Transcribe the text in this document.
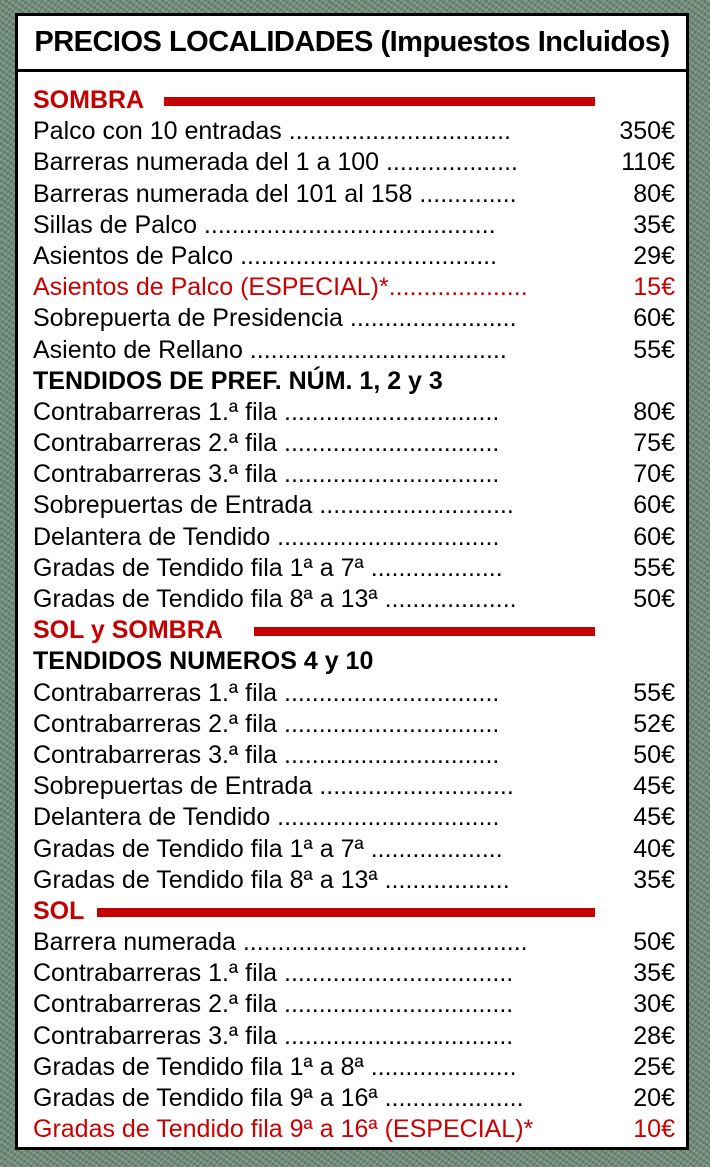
PRECIOS LOCALIDADES (Impuestos Incluidos)
SOMBRA
Palco con 10 entradas ................................	350€
Barreras numerada del 1 a 100 ...................	110€
Barreras numerada del 101 al 158 ..............	80€
Sillas de Palco ..........................................	35€
Asientos de Palco .....................................	29€
Asientos de Palco (ESPECIAL)*....................	15€
Sobrepuerta de Presidencia ........................	60€
Asiento de Rellano .....................................	55€
TENDIDOS DE PREF. NÚM. 1, 2 y 3
Contrabarreras 1.ª fila ...............................	80€
Contrabarreras 2.ª fila ...............................	75€
Contrabarreras 3.ª fila ...............................	70€
Sobrepuertas de Entrada ............................	60€
Delantera de Tendido ................................	60€
Gradas de Tendido fila 1ª a 7ª ...................	55€
Gradas de Tendido fila 8ª a 13ª ...................	50€
SOL y SOMBRA
TENDIDOS NUMEROS 4 y 10
Contrabarreras 1.ª fila ...............................	55€
Contrabarreras 2.ª fila ...............................	52€
Contrabarreras 3.ª fila ...............................	50€
Sobrepuertas de Entrada ............................	45€
Delantera de Tendido ................................	45€
Gradas de Tendido fila 1ª a 7ª ...................	40€
Gradas de Tendido fila 8ª a 13ª ..................	35€
SOL
Barrera numerada .........................................	50€
Contrabarreras 1.ª fila .................................	35€
Contrabarreras 2.ª fila .................................	30€
Contrabarreras 3.ª fila .................................	28€
Gradas de Tendido fila 1ª a 8ª .....................	25€
Gradas de Tendido fila 9ª a 16ª ....................	20€
Gradas de Tendido fila 9ª a 16ª (ESPECIAL)*	10€
